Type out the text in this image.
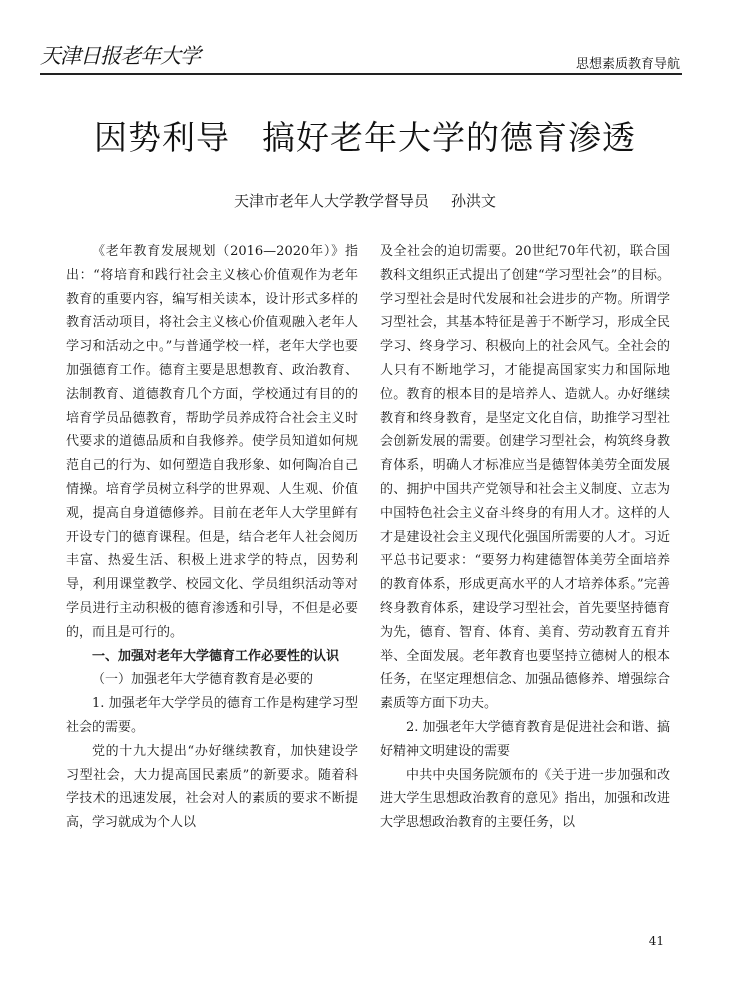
天津日报老年大学	思想素质教育导航
因势利导 搞好老年大学的德育渗透
天津市老年人大学教学督导员 孙洪文

《老年教育发展规划（2016—2020年）》指出：“将培育和践行社会主义核心价值观作为老年教育的重要内容，编写相关读本，设计形式多样的教育活动项目，将社会主义核心价值观融入老年人学习和活动之中。”与普通学校一样，老年大学也要加强德育工作。德育主要是思想教育、政治教育、法制教育、道德教育几个方面，学校通过有目的的培育学员品德教育，帮助学员养成符合社会主义时代要求的道德品质和自我修养。使学员知道如何规范自己的行为、如何塑造自我形象、如何陶冶自己情操。培育学员树立科学的世界观、人生观、价值观，提高自身道德修养。目前在老年人大学里鲜有开设专门的德育课程。但是，结合老年人社会阅历丰富、热爱生活、积极上进求学的特点，因势利导，利用课堂教学、校园文化、学员组织活动等对学员进行主动积极的德育渗透和引导，不但是必要的，而且是可行的。

一、加强对老年大学德育工作必要性的认识

（一）加强老年大学德育教育是必要的

1. 加强老年大学学员的德育工作是构建学习型社会的需要。

党的十九大提出“办好继续教育，加快建设学习型社会，大力提高国民素质”的新要求。随着科学技术的迅速发展，社会对人的素质的要求不断提高，学习就成为个人以

及全社会的迫切需要。20世纪70年代初，联合国教科文组织正式提出了创建“学习型社会”的目标。学习型社会是时代发展和社会进步的产物。所谓学习型社会，其基本特征是善于不断学习，形成全民学习、终身学习、积极向上的社会风气。全社会的人只有不断地学习，才能提高国家实力和国际地位。教育的根本目的是培养人、造就人。办好继续教育和终身教育，是坚定文化自信，助推学习型社会创新发展的需要。创建学习型社会，构筑终身教育体系，明确人才标准应当是德智体美劳全面发展的、拥护中国共产党领导和社会主义制度、立志为中国特色社会主义奋斗终身的有用人才。这样的人才是建设社会主义现代化强国所需要的人才。习近平总书记要求：“要努力构建德智体美劳全面培养的教育体系，形成更高水平的人才培养体系。”完善终身教育体系，建设学习型社会，首先要坚持德育为先，德育、智育、体育、美育、劳动教育五育并举、全面发展。老年教育也要坚持立德树人的根本任务，在坚定理想信念、加强品德修养、增强综合素质等方面下功夫。

2. 加强老年大学德育教育是促进社会和谐、搞好精神文明建设的需要

中共中央国务院颁布的《关于进一步加强和改进大学生思想政治教育的意见》指出，加强和改进大学思想政治教育的主要任务，以

41
